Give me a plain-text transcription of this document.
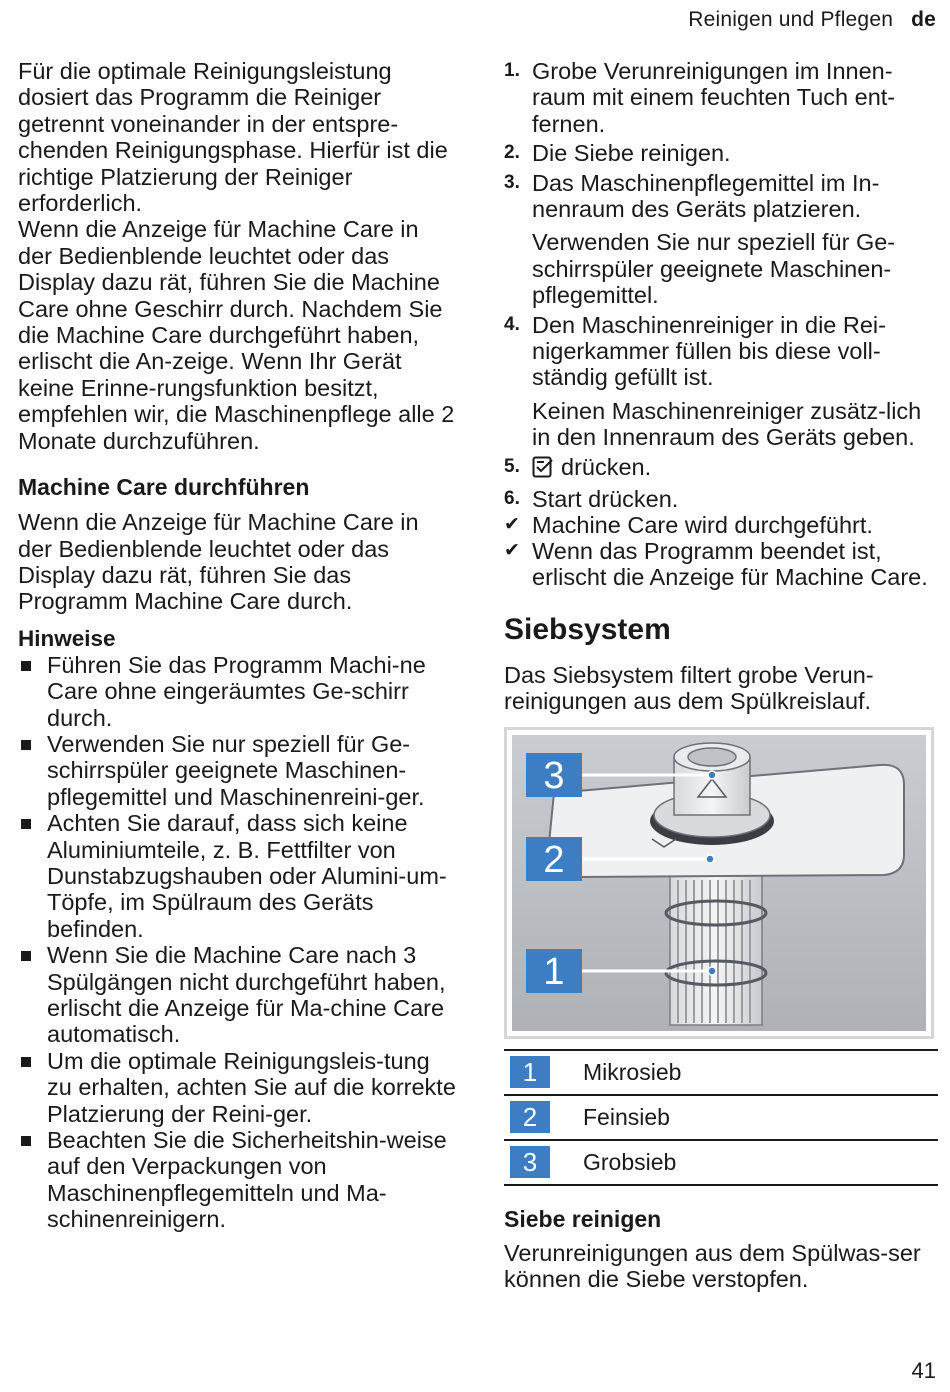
Reinigen und Pflegen de

Für die optimale Reinigungsleistung dosiert das Programm die Reiniger getrennt voneinander in der entspre-chenden Reinigungsphase. Hierfür ist die richtige Platzierung der Reiniger erforderlich.

Wenn die Anzeige für Machine Care in der Bedienblende leuchtet oder das Display dazu rät, führen Sie die Machine Care ohne Geschirr durch. Nachdem Sie die Machine Care durchgeführt haben, erlischt die An-zeige. Wenn Ihr Gerät keine Erinne-rungsfunktion besitzt, empfehlen wir, die Maschinenpflege alle 2 Monate durchzuführen.

Machine Care durchführen

Wenn die Anzeige für Machine Care in der Bedienblende leuchtet oder das Display dazu rät, führen Sie das Programm Machine Care durch.

Hinweise
Führen Sie das Programm Machi-ne Care ohne eingeräumtes Ge-schirr durch.
Verwenden Sie nur speziell für Ge-schirrspüler geeignete Maschinen-pflegemittel und Maschinenreini-ger.
Achten Sie darauf, dass sich keine Aluminiumteile, z. B. Fettfilter von Dunstabzugshauben oder Alumini-um-Töpfe, im Spülraum des Geräts befinden.
Wenn Sie die Machine Care nach 3 Spülgängen nicht durchgeführt haben, erlischt die Anzeige für Ma-chine Care automatisch.
Um die optimale Reinigungsleis-tung zu erhalten, achten Sie auf die korrekte Platzierung der Reini-ger.
Beachten Sie die Sicherheitshin-weise auf den Verpackungen von Maschinenpflegemitteln und Ma-schinenreinigern.
1. Grobe Verunreinigungen im Innen-raum mit einem feuchten Tuch ent-fernen.
2. Die Siebe reinigen.
3. Das Maschinenpflegemittel im In-nenraum des Geräts platzieren.
Verwenden Sie nur speziell für Ge-schirrspüler geeignete Maschinen-pflegemittel.
4. Den Maschinenreiniger in die Rei-nigerkammer füllen bis diese voll-ständig gefüllt ist.
Keinen Maschinenreiniger zusätz-lich in den Innenraum des Geräts geben.
5. drücken.
6. Start drücken.
✔ Machine Care wird durchgeführt.
✔ Wenn das Programm beendet ist, erlischt die Anzeige für Machine Care.
Siebsystem

Das Siebsystem filtert grobe Verun-reinigungen aus dem Spülkreislauf.

3
2
1
1	Mikrosieb
2	Feinsieb
3	Grobsieb
Siebe reinigen

Verunreinigungen aus dem Spülwas-ser können die Siebe verstopfen.

41
